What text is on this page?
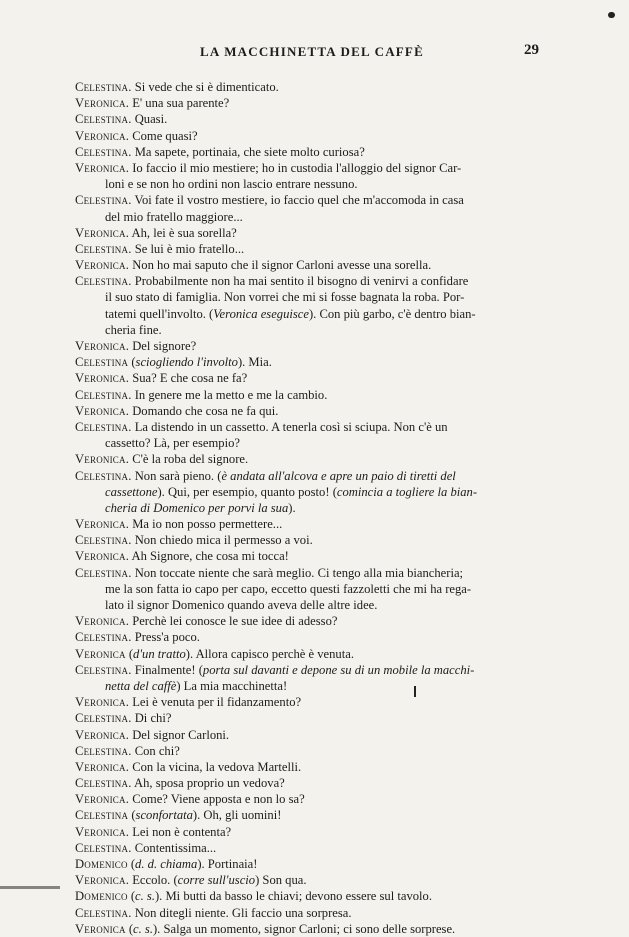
LA MACCHINETTA DEL CAFFÈ	29
Celestina. Si vede che si è dimenticato.
Veronica. E' una sua parente?
Celestina. Quasi.
Veronica. Come quasi?
Celestina. Ma sapete, portinaia, che siete molto curiosa?
Veronica. Io faccio il mio mestiere; ho in custodia l'alloggio del signor Car-
loni e se non ho ordini non lascio entrare nessuno.
Celestina. Voi fate il vostro mestiere, io faccio quel che m'accomoda in casa
del mio fratello maggiore...
Veronica. Ah, lei è sua sorella?
Celestina. Se lui è mio fratello...
Veronica. Non ho mai saputo che il signor Carloni avesse una sorella.
Celestina. Probabilmente non ha mai sentito il bisogno di venirvi a confidare
il suo stato di famiglia. Non vorrei che mi si fosse bagnata la roba. Por-
tatemi quell'involto. (Veronica eseguisce). Con più garbo, c'è dentro bian-
cheria fine.
Veronica. Del signore?
Celestina (sciogliendo l'involto). Mia.
Veronica. Sua? E che cosa ne fa?
Celestina. In genere me la metto e me la cambio.
Veronica. Domando che cosa ne fa qui.
Celestina. La distendo in un cassetto. A tenerla così si sciupa. Non c'è un
cassetto? Là, per esempio?
Veronica. C'è la roba del signore.
Celestina. Non sarà pieno. (è andata all'alcova e apre un paio di tiretti del
cassettone). Qui, per esempio, quanto posto! (comincia a togliere la bian-
cheria di Domenico per porvi la sua).
Veronica. Ma io non posso permettere...
Celestina. Non chiedo mica il permesso a voi.
Veronica. Ah Signore, che cosa mi tocca!
Celestina. Non toccate niente che sarà meglio. Ci tengo alla mia biancheria;
me la son fatta io capo per capo, eccetto questi fazzoletti che mi ha rega-
lato il signor Domenico quando aveva delle altre idee.
Veronica. Perchè lei conosce le sue idee di adesso?
Celestina. Press'a poco.
Veronica (d'un tratto). Allora capisco perchè è venuta.
Celestina. Finalmente! (porta sul davanti e depone su di un mobile la macchi-
netta del caffè) La mia macchinetta!
Veronica. Lei è venuta per il fidanzamento?
Celestina. Di chi?
Veronica. Del signor Carloni.
Celestina. Con chi?
Veronica. Con la vicina, la vedova Martelli.
Celestina. Ah, sposa proprio un vedova?
Veronica. Come? Viene apposta e non lo sa?
Celestina (sconfortata). Oh, gli uomini!
Veronica. Lei non è contenta?
Celestina. Contentissima...
Domenico (d. d. chiama). Portinaia!
Veronica. Eccolo. (corre sull'uscio) Son qua.
Domenico (c. s.). Mi butti da basso le chiavi; devono essere sul tavolo.
Celestina. Non ditegli niente. Gli faccio una sorpresa.
Veronica (c. s.). Salga un momento, signor Carloni; ci sono delle sorprese.
